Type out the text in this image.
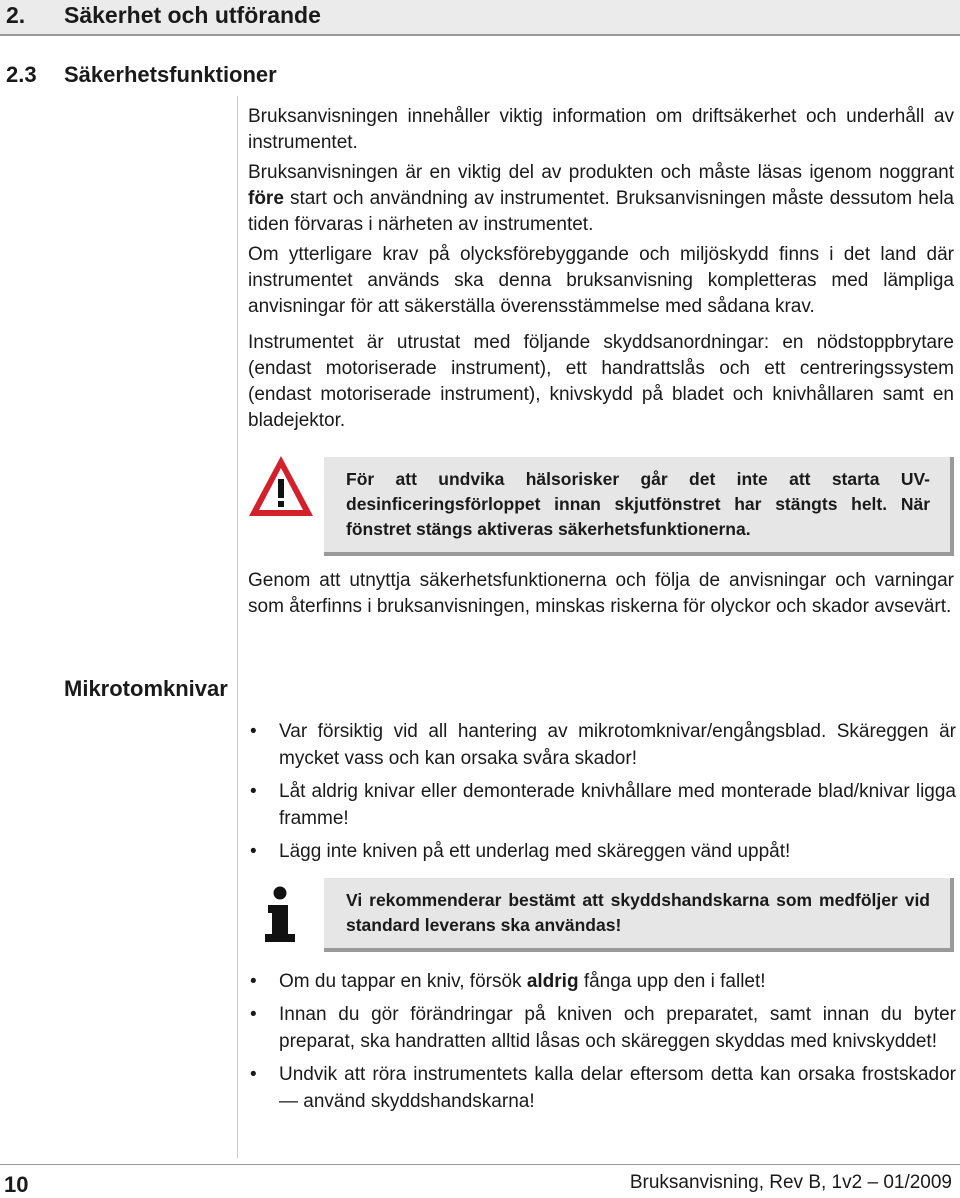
2. Säkerhet och utförande
2.3 Säkerhetsfunktioner

Bruksanvisningen innehåller viktig information om driftsäkerhet och underhåll av instrumentet.

Bruksanvisningen är en viktig del av produkten och måste läsas igenom noggrant före start och användning av instrumentet. Bruksanvisningen måste dessutom hela tiden förvaras i närheten av instrumentet.

Om ytterligare krav på olycksförebyggande och miljöskydd finns i det land där instrumentet används ska denna bruksanvisning kompletteras med lämpliga anvisningar för att säkerställa överensstämmelse med sådana krav.

Instrumentet är utrustat med följande skyddsanordningar: en nödstoppbrytare (endast motoriserade instrument), ett handrattslås och ett centreringssystem (endast motoriserade instrument), knivskydd på bladet och knivhållaren samt en bladejektor.

För att undvika hälsorisker går det inte att starta UV-desinficeringsförloppet innan skjutfönstret har stängts helt. När fönstret stängs aktiveras säkerhetsfunktionerna.

Genom att utnyttja säkerhetsfunktionerna och följa de anvisningar och varningar som återfinns i bruksanvisningen, minskas riskerna för olyckor och skador avsevärt.

Mikrotomknivar
• Var försiktig vid all hantering av mikrotomknivar/engångsblad. Skäreggen är mycket vass och kan orsaka svåra skador!
• Låt aldrig knivar eller demonterade knivhållare med monterade blad/knivar ligga framme!
• Lägg inte kniven på ett underlag med skäreggen vänd uppåt!

Vi rekommenderar bestämt att skyddshandskarna som medföljer vid standard leverans ska användas!

• Om du tappar en kniv, försök aldrig fånga upp den i fallet!
• Innan du gör förändringar på kniven och preparatet, samt innan du byter preparat, ska handratten alltid låsas och skäreggen skyddas med knivskyddet!
• Undvik att röra instrumentets kalla delar eftersom detta kan orsaka frostskador — använd skyddshandskarna!
10	Bruksanvisning, Rev B, 1v2 – 01/2009
